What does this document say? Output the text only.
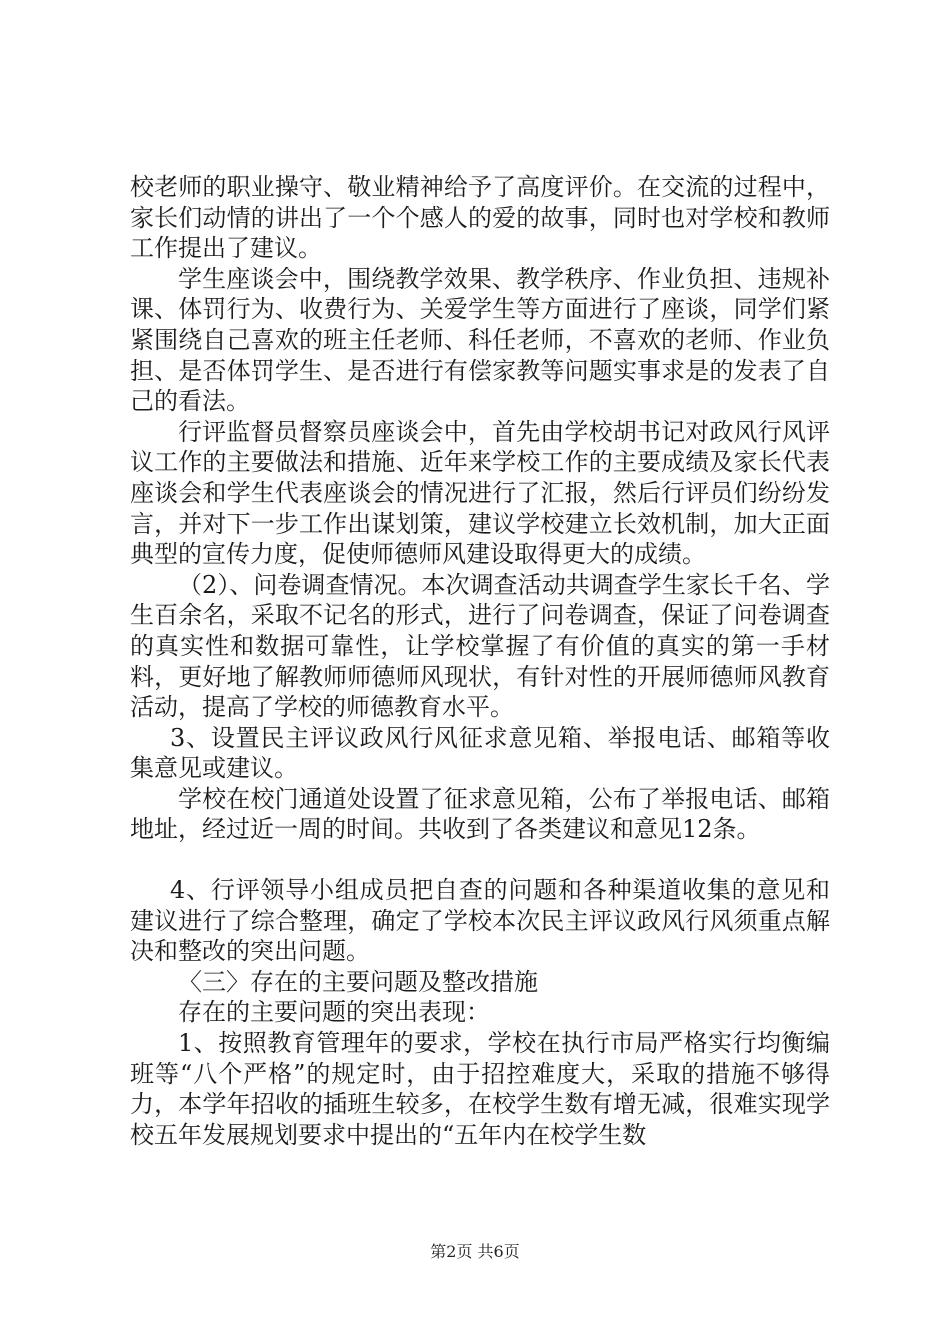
校老师的职业操守、敬业精神给予了高度评价。在交流的过程中，家长们动情的讲出了一个个感人的爱的故事，同时也对学校和教师工作提出了建议。

学生座谈会中，围绕教学效果、教学秩序、作业负担、违规补课、体罚行为、收费行为、关爱学生等方面进行了座谈，同学们紧紧围绕自己喜欢的班主任老师、科任老师，不喜欢的老师、作业负担、是否体罚学生、是否进行有偿家教等问题实事求是的发表了自己的看法。

行评监督员督察员座谈会中，首先由学校胡书记对政风行风评议工作的主要做法和措施、近年来学校工作的主要成绩及家长代表座谈会和学生代表座谈会的情况进行了汇报，然后行评员们纷纷发言，并对下一步工作出谋划策，建议学校建立长效机制，加大正面典型的宣传力度，促使师德师风建设取得更大的成绩。

（2）、问卷调查情况。本次调查活动共调查学生家长千名、学生百余名，采取不记名的形式，进行了问卷调查，保证了问卷调查的真实性和数据可靠性，让学校掌握了有价值的真实的第一手材料，更好地了解教师师德师风现状，有针对性的开展师德师风教育活动，提高了学校的师德教育水平。

3、设置民主评议政风行风征求意见箱、举报电话、邮箱等收集意见或建议。

学校在校门通道处设置了征求意见箱，公布了举报电话、邮箱地址，经过近一周的时间。共收到了各类建议和意见12条。

4、行评领导小组成员把自查的问题和各种渠道收集的意见和建议进行了综合整理，确定了学校本次民主评议政风行风须重点解决和整改的突出问题。

〈三〉存在的主要问题及整改措施

存在的主要问题的突出表现：

1、按照教育管理年的要求，学校在执行市局严格实行均衡编班等“八个严格”的规定时，由于招控难度大，采取的措施不够得力，本学年招收的插班生较多，在校学生数有增无减，很难实现学校五年发展规划要求中提出的“五年内在校学生数

第2页 共6页
